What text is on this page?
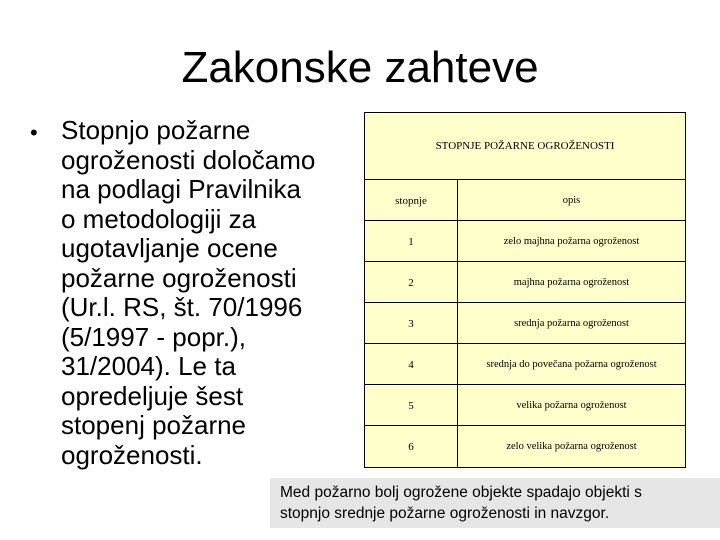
Zakonske zahteve
• Stopnjo požarne
ogroženosti določamo
na podlagi Pravilnika
o metodologiji za
ugotavljanje ocene
požarne ogroženosti
(Ur.l. RS, št. 70/1996
(5/1997 - popr.),
31/2004). Le ta
opredeljuje šest
stopenj požarne
ogroženosti.
STOPNJE POŽARNE OGROŽENOSTI
stopnje	opis
1	zelo majhna požarna ogroženost
2	majhna požarna ogroženost
3	srednja požarna ogroženost
4	srednja do povečana požarna ogroženost
5	velika požarna ogroženost
6	zelo velika požarna ogroženost
Med požarno bolj ogrožene objekte spadajo objekti s
stopnjo srednje požarne ogroženosti in navzgor.
